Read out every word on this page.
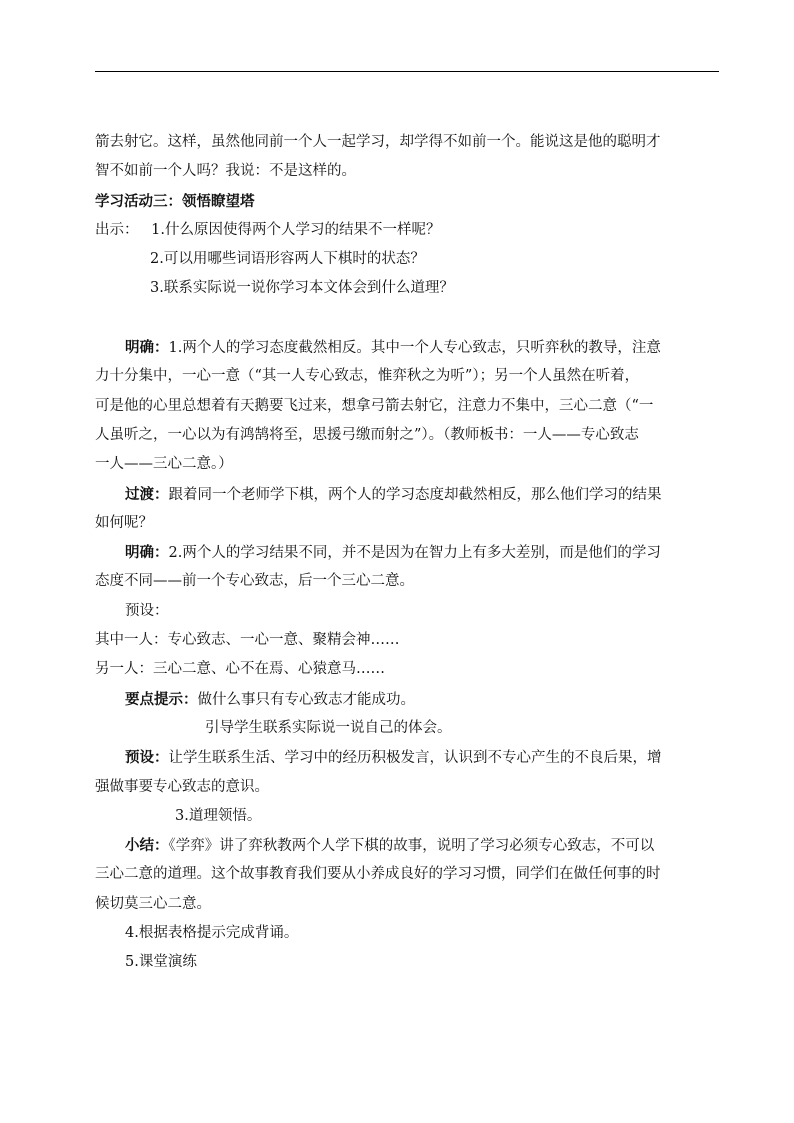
箭去射它。这样，虽然他同前一个人一起学习，却学得不如前一个。能说这是他的聪明才
智不如前一个人吗？我说：不是这样的。
学习活动三：领悟瞭望塔
出示： 1.什么原因使得两个人学习的结果不一样呢？
2.可以用哪些词语形容两人下棋时的状态？
3.联系实际说一说你学习本文体会到什么道理？
明确：1.两个人的学习态度截然相反。其中一个人专心致志，只听弈秋的教导，注意
力十分集中，一心一意（“其一人专心致志，惟弈秋之为听”）；另一个人虽然在听着，
可是他的心里总想着有天鹅要飞过来，想拿弓箭去射它，注意力不集中，三心二意（“一
人虽听之，一心以为有鸿鹄将至，思援弓缴而射之”）。（教师板书：一人——专心致志
一人——三心二意。）
过渡：跟着同一个老师学下棋，两个人的学习态度却截然相反，那么他们学习的结果
如何呢？
明确：2.两个人的学习结果不同，并不是因为在智力上有多大差别，而是他们的学习
态度不同——前一个专心致志，后一个三心二意。
预设：
其中一人：专心致志、一心一意、聚精会神……
另一人：三心二意、心不在焉、心猿意马……
要点提示：做什么事只有专心致志才能成功。
引导学生联系实际说一说自己的体会。
预设：让学生联系生活、学习中的经历积极发言，认识到不专心产生的不良后果，增
强做事要专心致志的意识。
3.道理领悟。
小结：《学弈》讲了弈秋教两个人学下棋的故事，说明了学习必须专心致志，不可以
三心二意的道理。这个故事教育我们要从小养成良好的学习习惯，同学们在做任何事的时
候切莫三心二意。
4.根据表格提示完成背诵。
5.课堂演练
